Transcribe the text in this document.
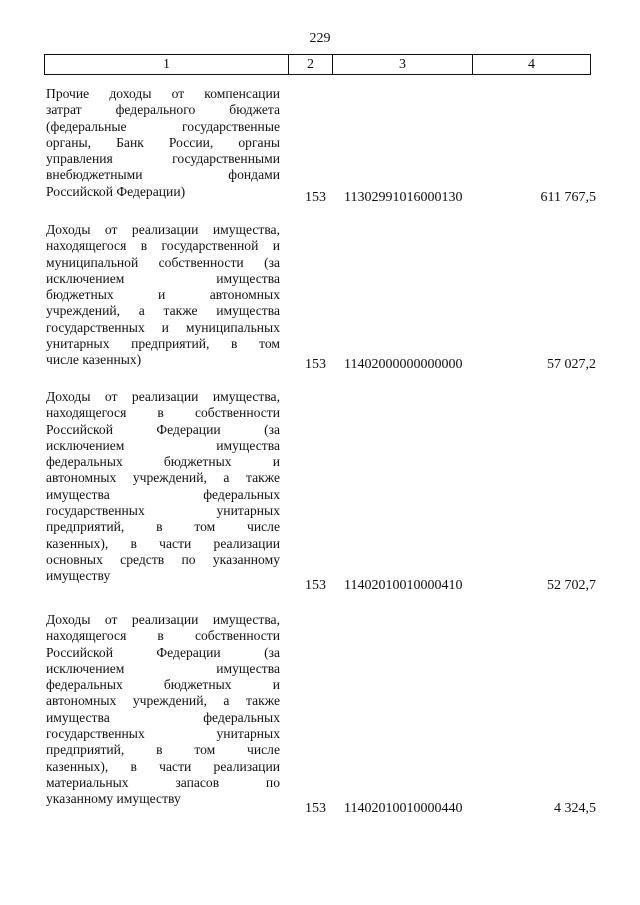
229
1	2	3	4
Прочие доходы от компенсации
затрат федерального бюджета
(федеральные государственные
органы, Банк России, органы
управления государственными
внебюджетными фондами
Российской Федерации)	153 11302991016000130	611 767,5
Доходы от реализации имущества,
находящегося в государственной и
муниципальной собственности (за
исключением имущества
бюджетных и автономных
учреждений, а также имущества
государственных и муниципальных
унитарных предприятий, в том
числе казенных)	153 11402000000000000	57 027,2
Доходы от реализации имущества,
находящегося в собственности
Российской Федерации (за
исключением имущества
федеральных бюджетных и
автономных учреждений, а также
имущества федеральных
государственных унитарных
предприятий, в том числе
казенных), в части реализации
основных средств по указанному
имуществу
153 11402010010000410	52 702,7
Доходы от реализации имущества,
находящегося в собственности
Российской Федерации (за
исключением имущества
федеральных бюджетных и
автономных учреждений, а также
имущества федеральных
государственных унитарных
предприятий, в том числе
казенных), в части реализации
материальных запасов по
указанному имуществу
153 11402010010000440	4 324,5
